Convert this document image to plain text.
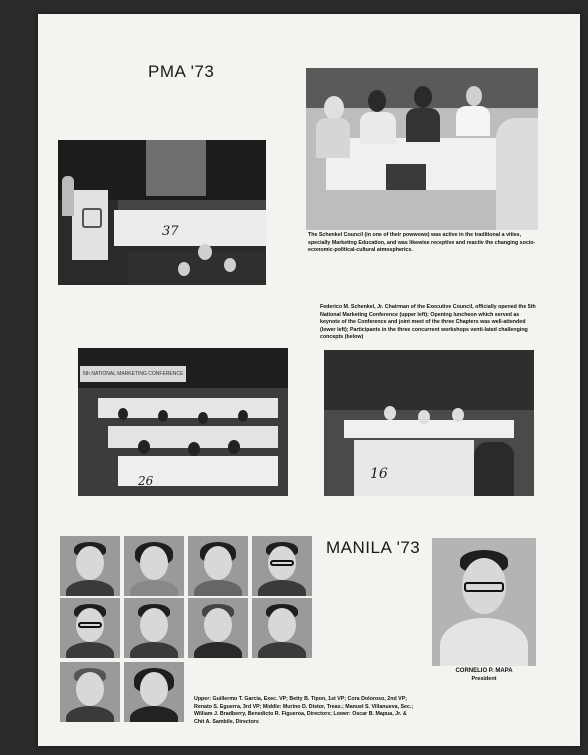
PMA '73
37	The Schenkel Council (in one of their powwows) was active in the traditional a vities, specially Marketing Education, and was likewise receptive and reactiv the changing socio-economic-political-cultural atmospherics.
Federico M. Schenkel, Jr. Chairman of the Executive Council, officially opened the 5th National Marketing Conference (upper left); Opening luncheon which served as keynote of the Conference and joint meet of the three Chapters was well-attended (lower left); Participants in the three concurrent workshops venti-lated challenging concepts (below)
5th NATIONAL MARKETING CONFERENCE
26	16
MANILA '73
Upper: Guillermo T. Garcia, Exec. VP; Betty B. Tipon, 1st VP; Cora Doloroso, 2nd VP; Renato S. Eguerra, 3rd VP; Middle: Murino D. Distor, Treas.; Manuel S. Villanueva, Sec.; William J. Bradberry, Benedicto R. Figueroa, Directors; Lower: Oscar B. Mapua, Jr. & Chit A. Sambile, Directors
CORNELIO P. MAPA
President
